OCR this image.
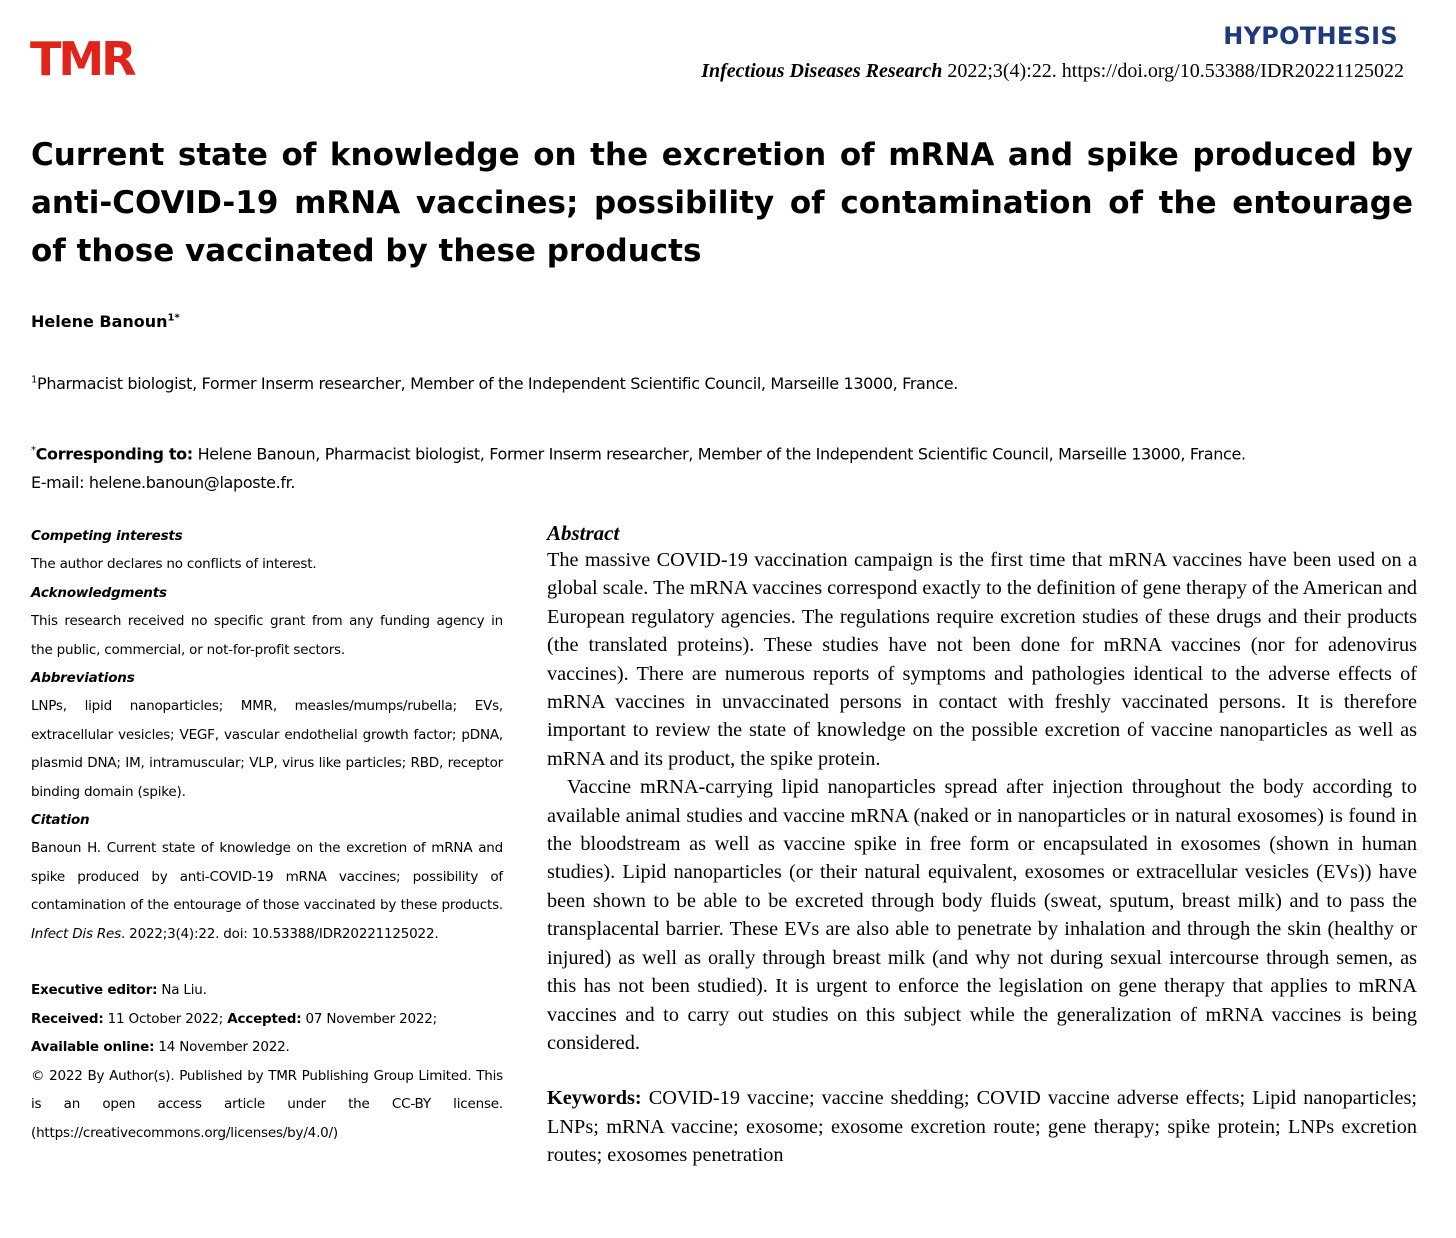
TMR	HYPOTHESIS
Infectious Diseases Research 2022;3(4):22. https://doi.org/10.53388/IDR20221125022
Current state of knowledge on the excretion of mRNA and spike produced by anti-COVID-19 mRNA vaccines; possibility of contamination of the entourage of those vaccinated by these products
Helene Banoun$^{1*}$
$^1$Pharmacist biologist, Former Inserm researcher, Member of the Independent Scientific Council, Marseille 13000, France.
*Corresponding to: Helene Banoun, Pharmacist biologist, Former Inserm researcher, Member of the Independent Scientific Council, Marseille 13000, France.
E-mail: helene.banoun@laposte.fr.
Competing interests

The author declares no conflicts of interest.

Acknowledgments

This research received no specific grant from any funding agency in the public, commercial, or not-for-profit sectors.

Abbreviations

LNPs, lipid nanoparticles; MMR, measles/mumps/rubella; EVs, extracellular vesicles; VEGF, vascular endothelial growth factor; pDNA, plasmid DNA; IM, intramuscular; VLP, virus like particles; RBD, receptor binding domain (spike).

Citation

Banoun H. Current state of knowledge on the excretion of mRNA and spike produced by anti-COVID-19 mRNA vaccines; possibility of contamination of the entourage of those vaccinated by these products. Infect Dis Res. 2022;3(4):22. doi: 10.53388/IDR20221125022.

Executive editor: Na Liu.

Received: 11 October 2022; Accepted: 07 November 2022;

Available online: 14 November 2022.

© 2022 By Author(s). Published by TMR Publishing Group Limited. This is an open access article under the CC-BY license. (https://creativecommons.org/licenses/by/4.0/)

Abstract

The massive COVID-19 vaccination campaign is the first time that mRNA vaccines have been used on a global scale. The mRNA vaccines correspond exactly to the definition of gene therapy of the American and European regulatory agencies. The regulations require excretion studies of these drugs and their products (the translated proteins). These studies have not been done for mRNA vaccines (nor for adenovirus vaccines). There are numerous reports of symptoms and pathologies identical to the adverse effects of mRNA vaccines in unvaccinated persons in contact with freshly vaccinated persons. It is therefore important to review the state of knowledge on the possible excretion of vaccine nanoparticles as well as mRNA and its product, the spike protein.

Vaccine mRNA-carrying lipid nanoparticles spread after injection throughout the body according to available animal studies and vaccine mRNA (naked or in nanoparticles or in natural exosomes) is found in the bloodstream as well as vaccine spike in free form or encapsulated in exosomes (shown in human studies). Lipid nanoparticles (or their natural equivalent, exosomes or extracellular vesicles (EVs)) have been shown to be able to be excreted through body fluids (sweat, sputum, breast milk) and to pass the transplacental barrier. These EVs are also able to penetrate by inhalation and through the skin (healthy or injured) as well as orally through breast milk (and why not during sexual intercourse through semen, as this has not been studied). It is urgent to enforce the legislation on gene therapy that applies to mRNA vaccines and to carry out studies on this subject while the generalization of mRNA vaccines is being considered.

Keywords: COVID-19 vaccine; vaccine shedding; COVID vaccine adverse effects; Lipid nanoparticles; LNPs; mRNA vaccine; exosome; exosome excretion route; gene therapy; spike protein; LNPs excretion routes; exosomes penetration
